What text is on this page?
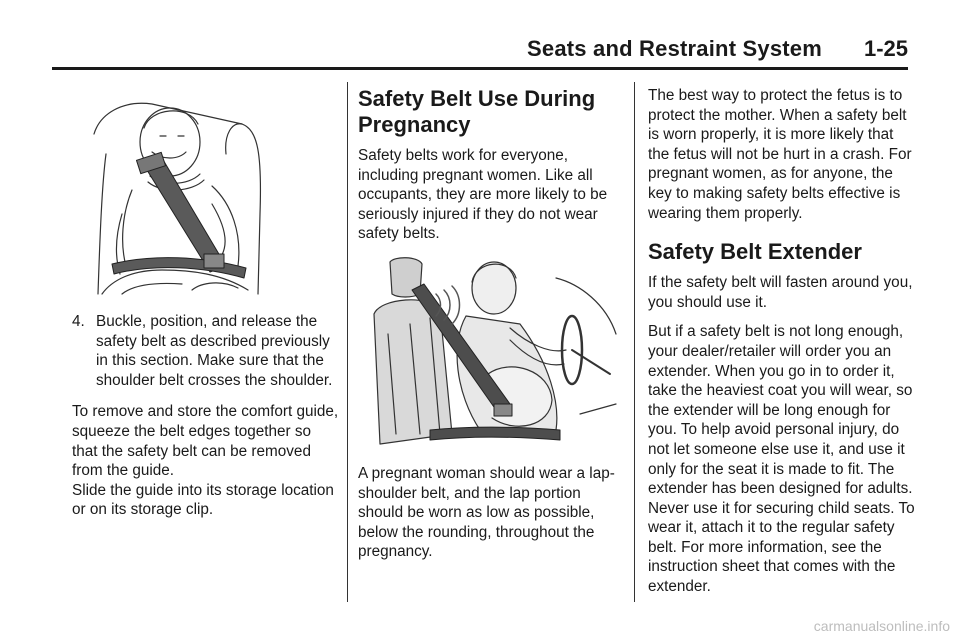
Seats and Restraint System 1-25
4. Buckle, position, and release the safety belt as described previously in this section. Make sure that the shoulder belt crosses the shoulder.

To remove and store the comfort guide, squeeze the belt edges together so that the safety belt can be removed from the guide.

Slide the guide into its storage location or on its storage clip.

Safety Belt Use During Pregnancy

Safety belts work for everyone, including pregnant women. Like all occupants, they are more likely to be seriously injured if they do not wear safety belts.

A pregnant woman should wear a lap-shoulder belt, and the lap portion should be worn as low as possible, below the rounding, throughout the pregnancy.

The best way to protect the fetus is to protect the mother. When a safety belt is worn properly, it is more likely that the fetus will not be hurt in a crash. For pregnant women, as for anyone, the key to making safety belts effective is wearing them properly.

Safety Belt Extender

If the safety belt will fasten around you, you should use it.

But if a safety belt is not long enough, your dealer/retailer will order you an extender. When you go in to order it, take the heaviest coat you will wear, so the extender will be long enough for you. To help avoid personal injury, do not let someone else use it, and use it only for the seat it is made to fit. The extender has been designed for adults. Never use it for securing child seats. To wear it, attach it to the regular safety belt. For more information, see the instruction sheet that comes with the extender.

carmanualsonline.info
